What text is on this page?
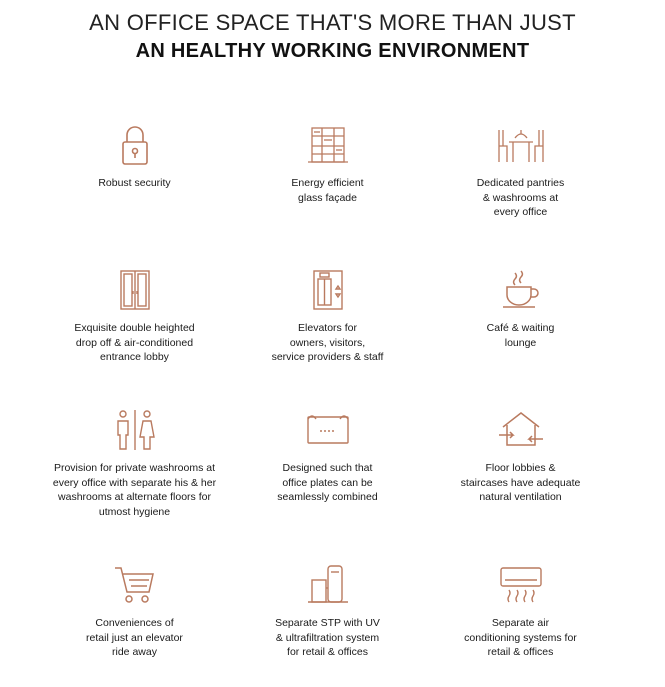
AN OFFICE SPACE THAT'S MORE THAN JUST
AN HEALTHY WORKING ENVIRONMENT
Robust security	Energy efficient
glass façade
Dedicated pantries
& washrooms at
every office
Exquisite double heighted
drop off & air-conditioned
entrance lobby
Elevators for
owners, visitors,
service providers & staff
Café & waiting
lounge
Provision for private washrooms at
every office with separate his & her
washrooms at alternate floors for
utmost hygiene
Designed such that
office plates can be
seamlessly combined
Floor lobbies &
staircases have adequate
natural ventilation
Conveniences of
retail just an elevator
ride away
Separate STP with UV
& ultrafiltration system
for retail & offices
Separate air
conditioning systems for
retail & offices
